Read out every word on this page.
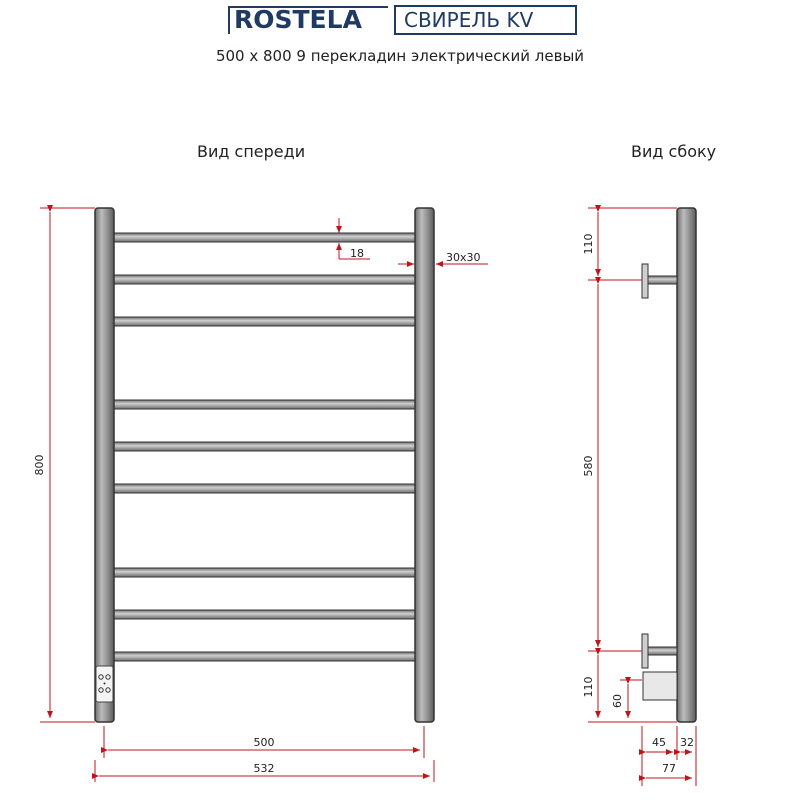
ROSTELA	СВИРЕЛЬ KV
500 x 800 9 перекладин электрический левый
Вид спереди	Вид сбоку
800
18	30x30
500
532
110
580
110
60
45 32
77
